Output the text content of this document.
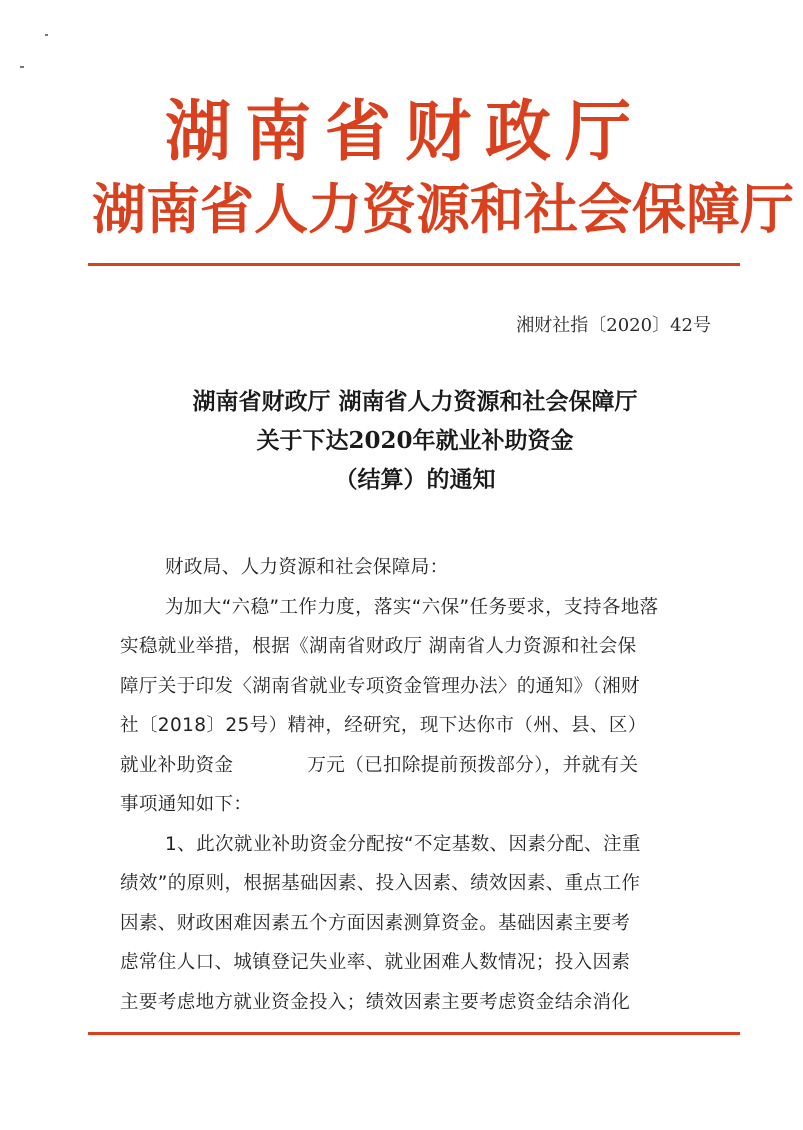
湖南省财政厅
湖南省人力资源和社会保障厅
湘财社指〔2020〕42号
湖南省财政厅 湖南省人力资源和社会保障厅
关于下达2020年就业补助资金
（结算）的通知
财政局、人力资源和社会保障局：
为加大“六稳”工作力度，落实“六保”任务要求，支持各地落
实稳就业举措，根据《湖南省财政厅 湖南省人力资源和社会保
障厅关于印发〈湖南省就业专项资金管理办法〉的通知》（湘财
社〔2018〕25号）精神，经研究，现下达你市（州、县、区）
就业补助资金	万元（已扣除提前预拨部分），并就有关
事项通知如下：
1、此次就业补助资金分配按“不定基数、因素分配、注重
绩效”的原则，根据基础因素、投入因素、绩效因素、重点工作
因素、财政困难因素五个方面因素测算资金。基础因素主要考
虑常住人口、城镇登记失业率、就业困难人数情况；投入因素
主要考虑地方就业资金投入；绩效因素主要考虑资金结余消化
